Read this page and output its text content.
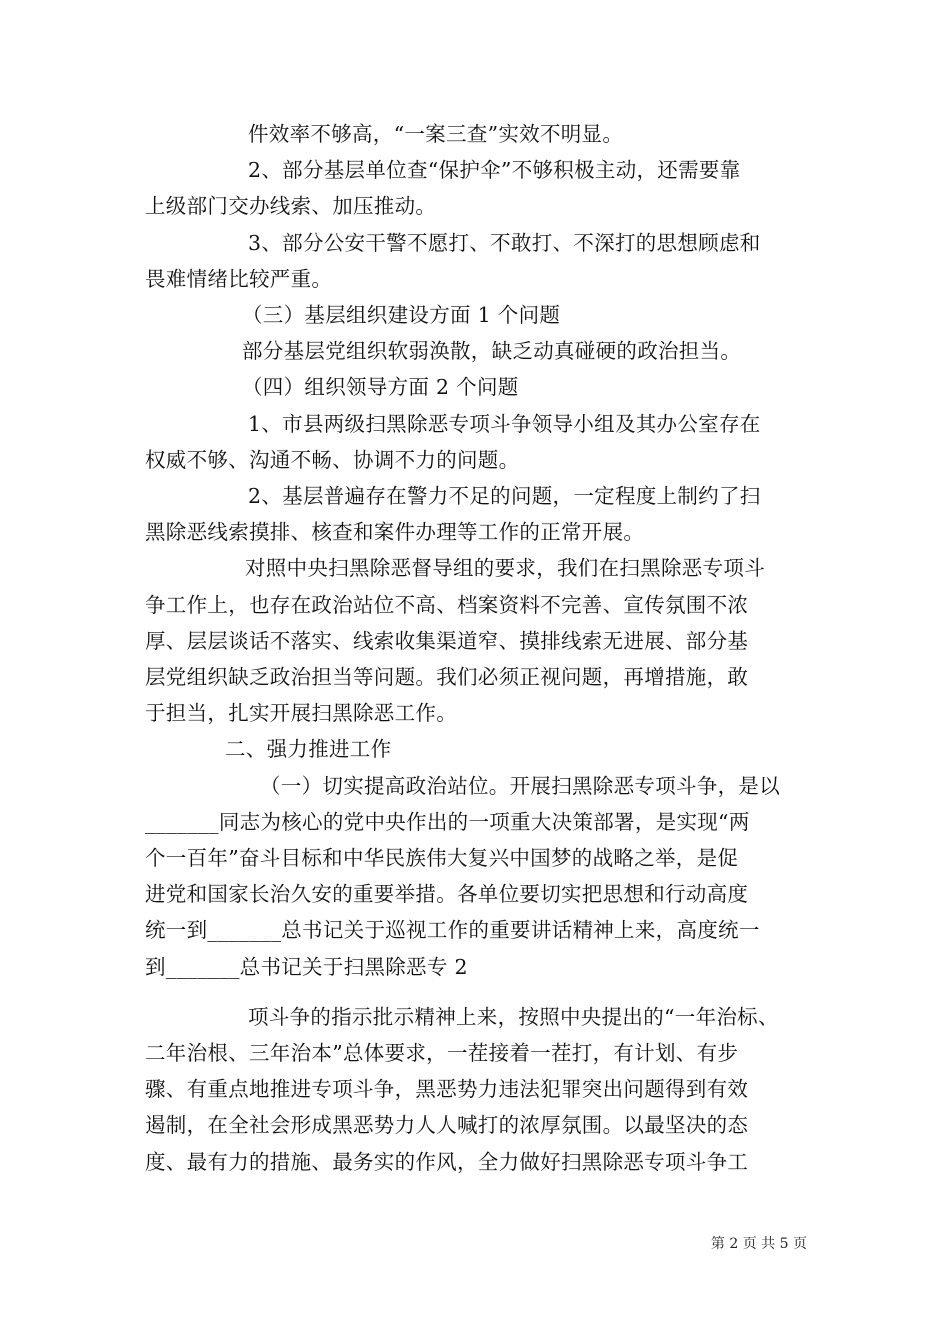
件效率不够高，“一案三查”实效不明显。

2、部分基层单位查“保护伞”不够积极主动，还需要靠

上级部门交办线索、加压推动。

3、部分公安干警不愿打、不敢打、不深打的思想顾虑和

畏难情绪比较严重。

（三）基层组织建设方面 1 个问题

部分基层党组织软弱涣散，缺乏动真碰硬的政治担当。

（四）组织领导方面 2 个问题

1、市县两级扫黑除恶专项斗争领导小组及其办公室存在

权威不够、沟通不畅、协调不力的问题。

2、基层普遍存在警力不足的问题，一定程度上制约了扫

黑除恶线索摸排、核查和案件办理等工作的正常开展。

对照中央扫黑除恶督导组的要求，我们在扫黑除恶专项斗

争工作上，也存在政治站位不高、档案资料不完善、宣传氛围不浓

厚、层层谈话不落实、线索收集渠道窄、摸排线索无进展、部分基

层党组织缺乏政治担当等问题。我们必须正视问题，再增措施，敢

于担当，扎实开展扫黑除恶工作。

二、强力推进工作

（一）切实提高政治站位。开展扫黑除恶专项斗争，是以

_______同志为核心的党中央作出的一项重大决策部署，是实现“两

个一百年”奋斗目标和中华民族伟大复兴中国梦的战略之举，是促

进党和国家长治久安的重要举措。各单位要切实把思想和行动高度

统一到_______总书记关于巡视工作的重要讲话精神上来，高度统一

到_______总书记关于扫黑除恶专 2

项斗争的指示批示精神上来，按照中央提出的“一年治标、

二年治根、三年治本”总体要求，一茬接着一茬打，有计划、有步

骤、有重点地推进专项斗争，黑恶势力违法犯罪突出问题得到有效

遏制，在全社会形成黑恶势力人人喊打的浓厚氛围。以最坚决的态

度、最有力的措施、最务实的作风，全力做好扫黑除恶专项斗争工

第 2 页 共 5 页
